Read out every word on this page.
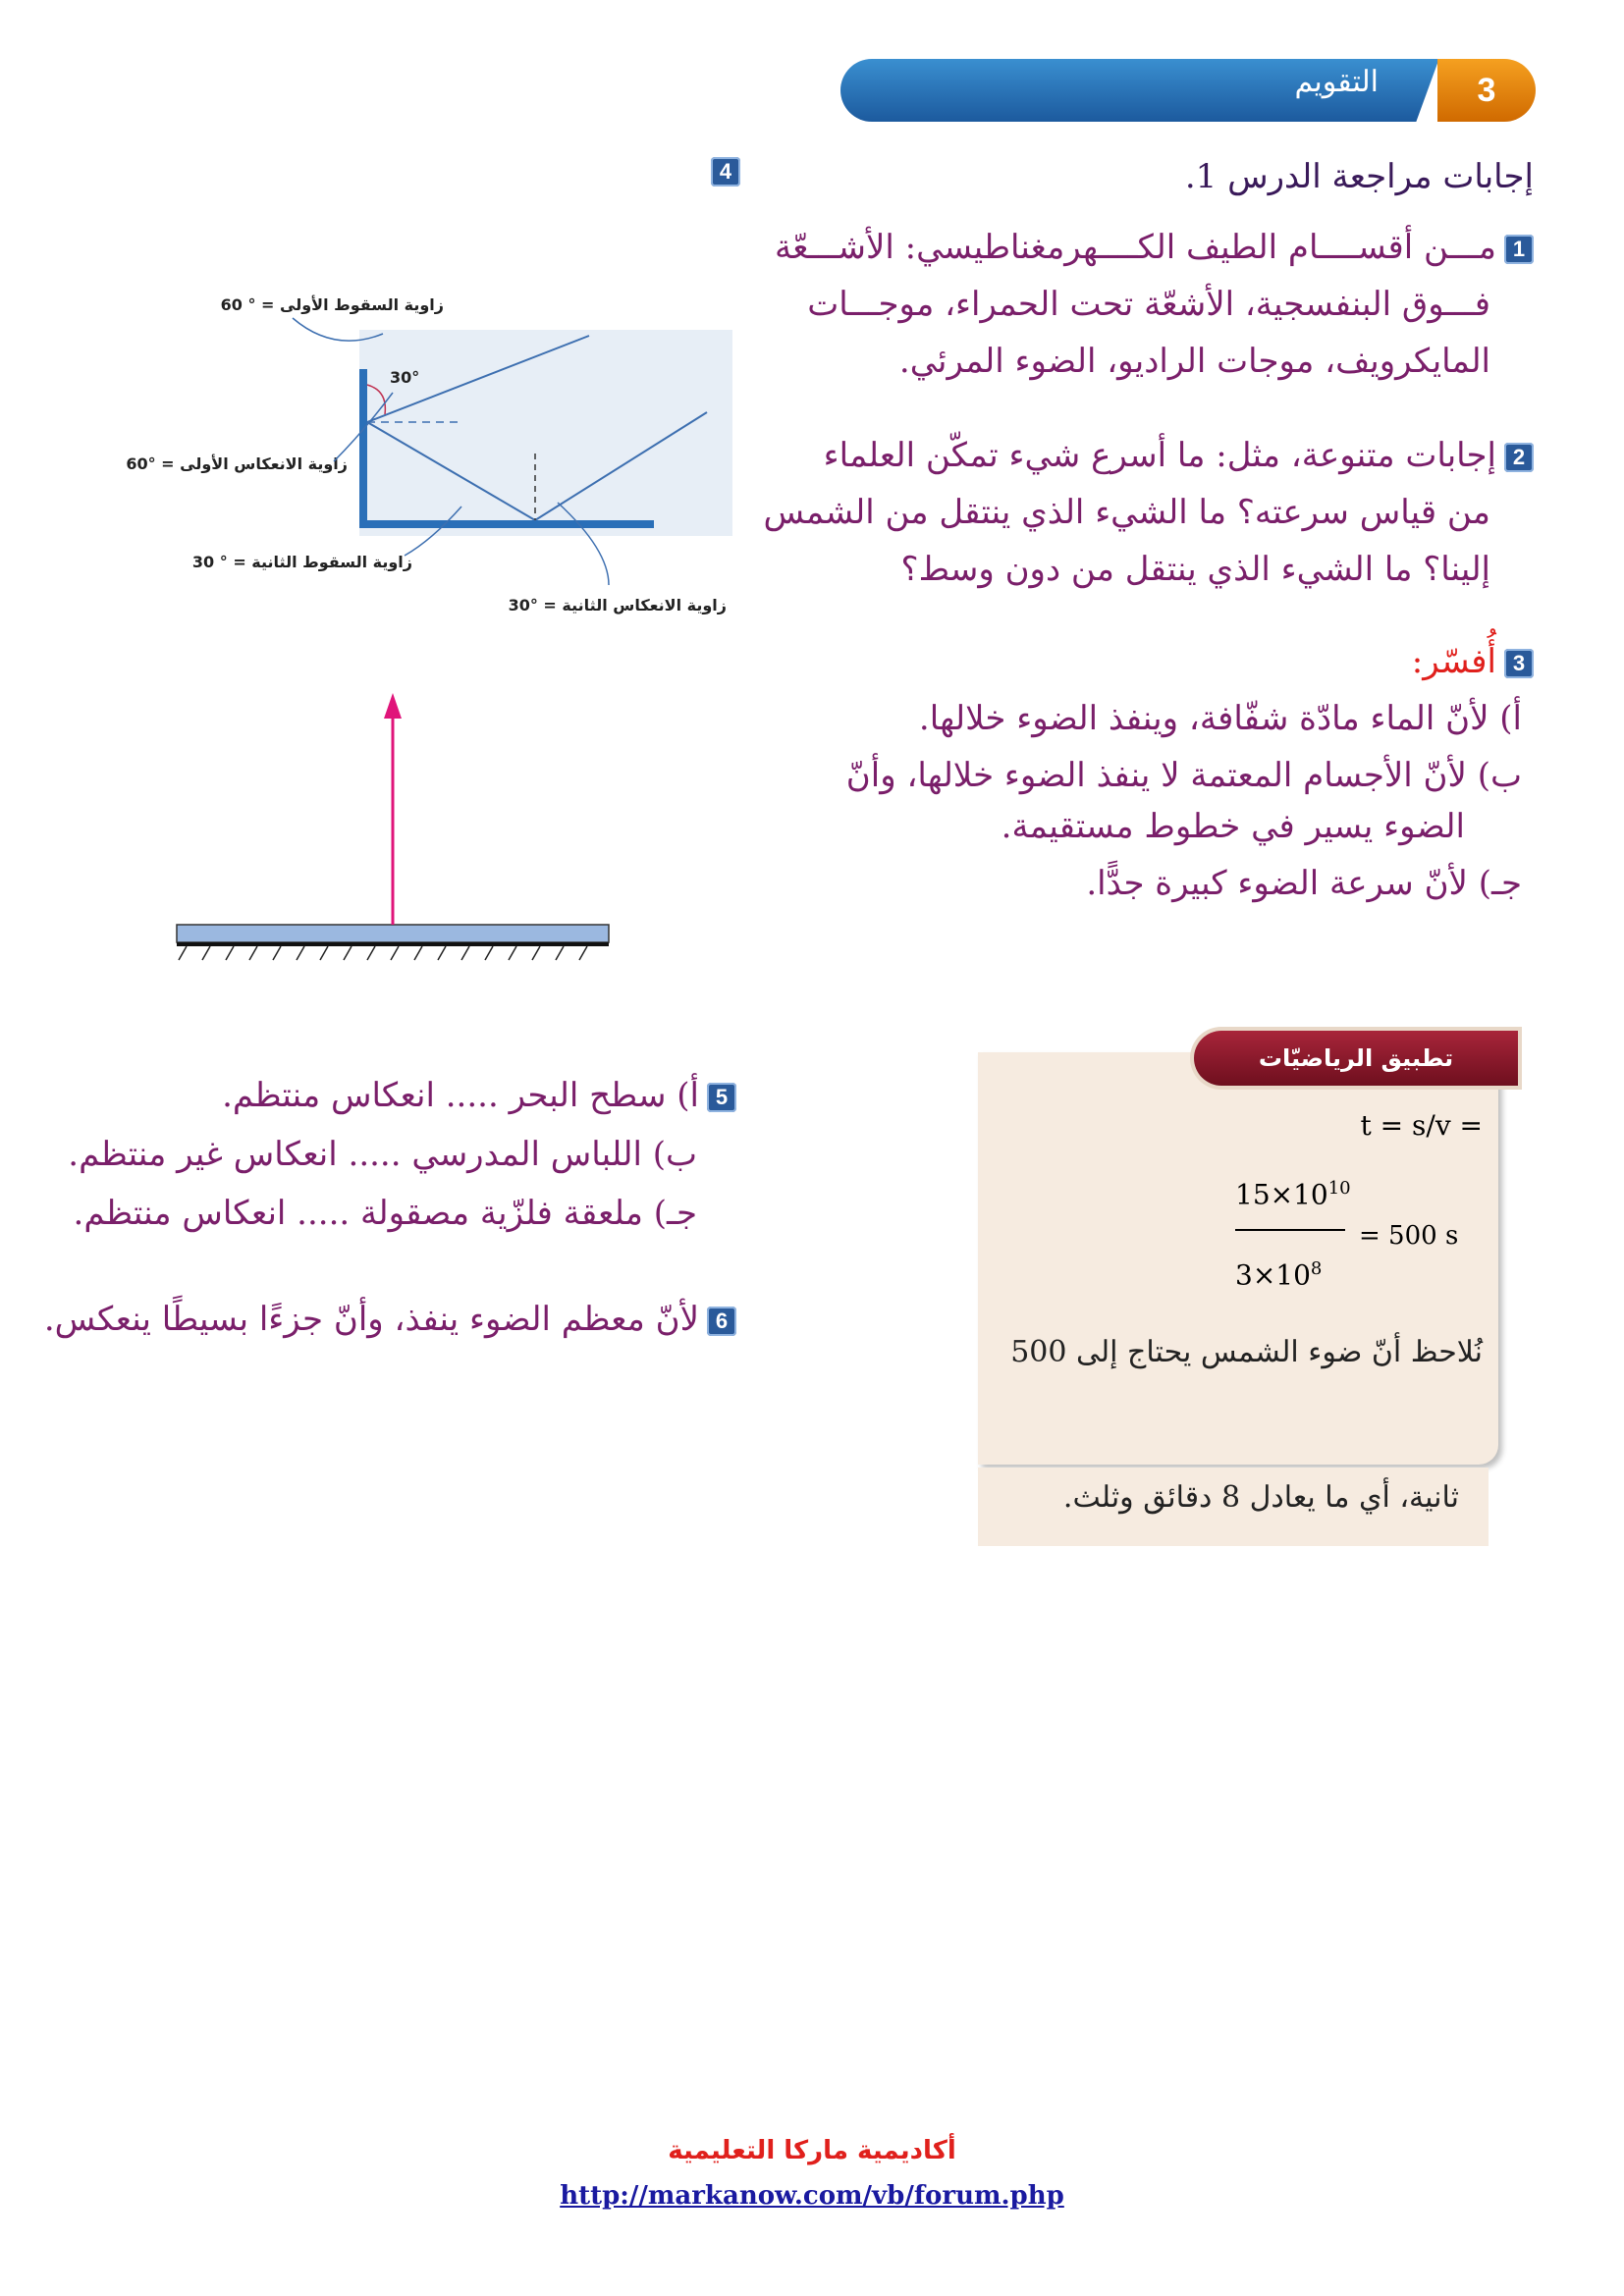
التقويم	3
4	إجابات مراجعة الدرس 1.
1مـــن أقســــام الطيف الكــــهرمغناطيسي: الأشـــعّة
فـــوق البنفسجية، الأشعّة تحت الحمراء، موجـــات
المايكرويف، موجات الراديو، الضوء المرئي.
2إجابات متنوعة، مثل: ما أسرع شيء تمكّن العلماء
من قياس سرعته؟ ما الشيء الذي ينتقل من الشمس
إلينا؟ ما الشيء الذي ينتقل من دون وسط؟
3أُفسّر:
أ) لأنّ الماء مادّة شفّافة، وينفذ الضوء خلالها.
ب) لأنّ الأجسام المعتمة لا ينفذ الضوء خلالها، وأنّ
الضوء يسير في خطوط مستقيمة.
جـ) لأنّ سرعة الضوء كبيرة جدًّا.
30°
زاوية السقوط الأولى = ° 60
زاوية الانعكاس الأولى = °60
زاوية السقوط الثانية = ° 30
زاوية الانعكاس الثانية = °30
5أ) سطح البحر ..... انعكاس منتظم.
ب) اللباس المدرسي ..... انعكاس غير منتظم.
جـ) ملعقة فلزّية مصقولة ..... انعكاس منتظم.
6لأنّ معظم الضوء ينفذ، وأنّ جزءًا بسيطًا ينعكس.
تطبيق الرياضيّات
t = s/v =
$15\times 10^{10}$
= 500 s
$3\times 10^8$
نُلاحظ أنّ ضوء الشمس يحتاج إلى 500
ثانية، أي ما يعادل 8 دقائق وثلث.
أكاديمية ماركا التعليمية
http://markanow.com/vb/forum.php
